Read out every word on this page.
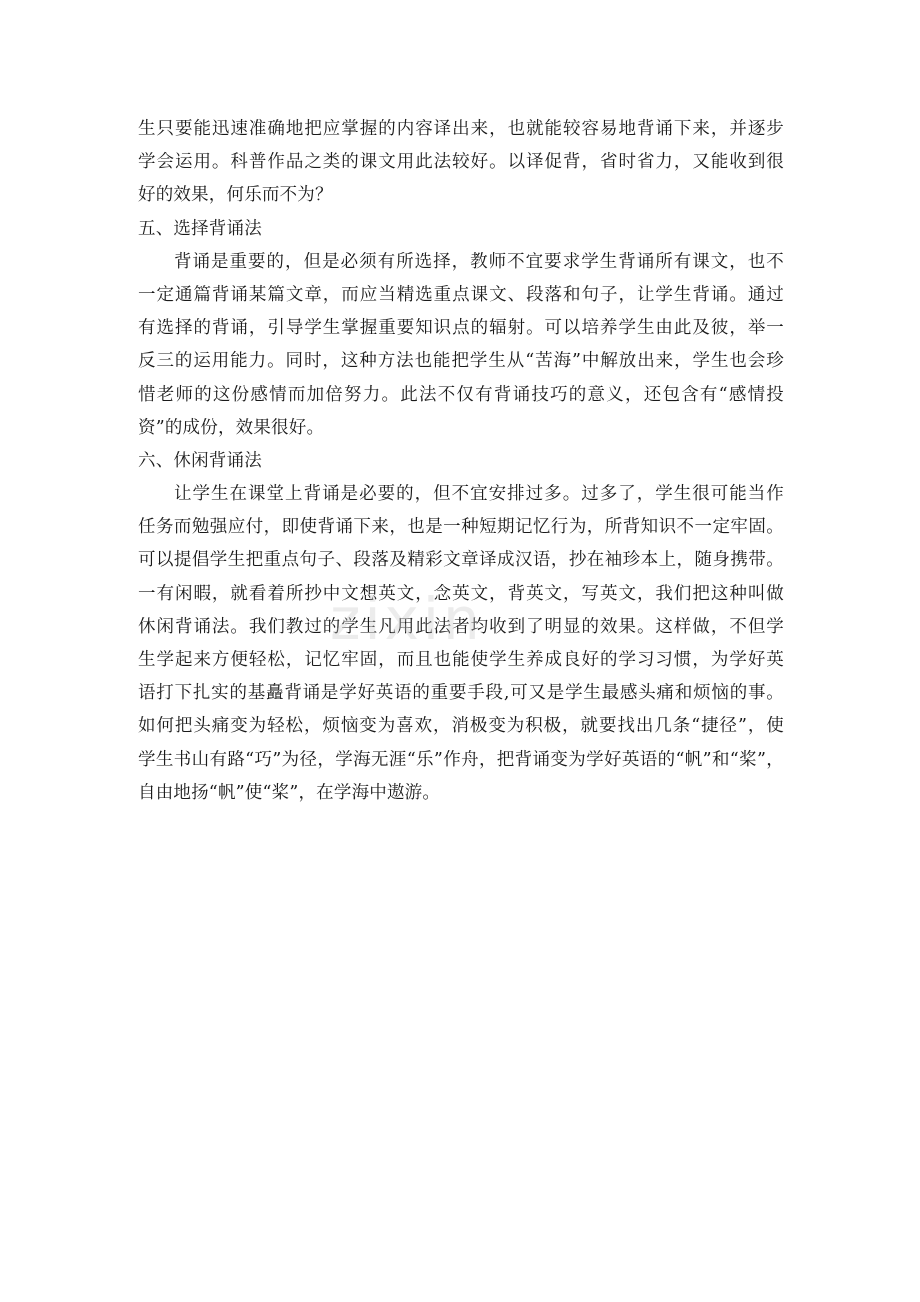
生只要能迅速准确地把应掌握的内容译出来，也就能较容易地背诵下来，并逐步
学会运用。科普作品之类的课文用此法较好。以译促背，省时省力，又能收到很
好的效果，何乐而不为？
五、选择背诵法
背诵是重要的，但是必须有所选择，教师不宜要求学生背诵所有课文，也不
一定通篇背诵某篇文章，而应当精选重点课文、段落和句子，让学生背诵。通过
有选择的背诵，引导学生掌握重要知识点的辐射。可以培养学生由此及彼，举一
反三的运用能力。同时，这种方法也能把学生从“苦海”中解放出来，学生也会珍
惜老师的这份感情而加倍努力。此法不仅有背诵技巧的意义，还包含有“感情投
资”的成份，效果很好。
六、休闲背诵法
让学生在课堂上背诵是必要的，但不宜安排过多。过多了，学生很可能当作
任务而勉强应付，即使背诵下来，也是一种短期记忆行为，所背知识不一定牢固。
可以提倡学生把重点句子、段落及精彩文章译成汉语，抄在袖珍本上，随身携带。
一有闲暇，就看着所抄中文想英文，念英文，背英文，写英文，我们把这种叫做
休闲背诵法。我们教过的学生凡用此法者均收到了明显的效果。这样做，不但学
生学起来方便轻松，记忆牢固，而且也能使学生养成良好的学习习惯，为学好英
语打下扎实的基矗背诵是学好英语的重要手段,可又是学生最感头痛和烦恼的事。
如何把头痛变为轻松，烦恼变为喜欢，消极变为积极，就要找出几条“捷径”，使
学生书山有路“巧”为径，学海无涯“乐”作舟，把背诵变为学好英语的“帆”和“桨”，
自由地扬“帆”使“桨”，在学海中遨游。
zixin
